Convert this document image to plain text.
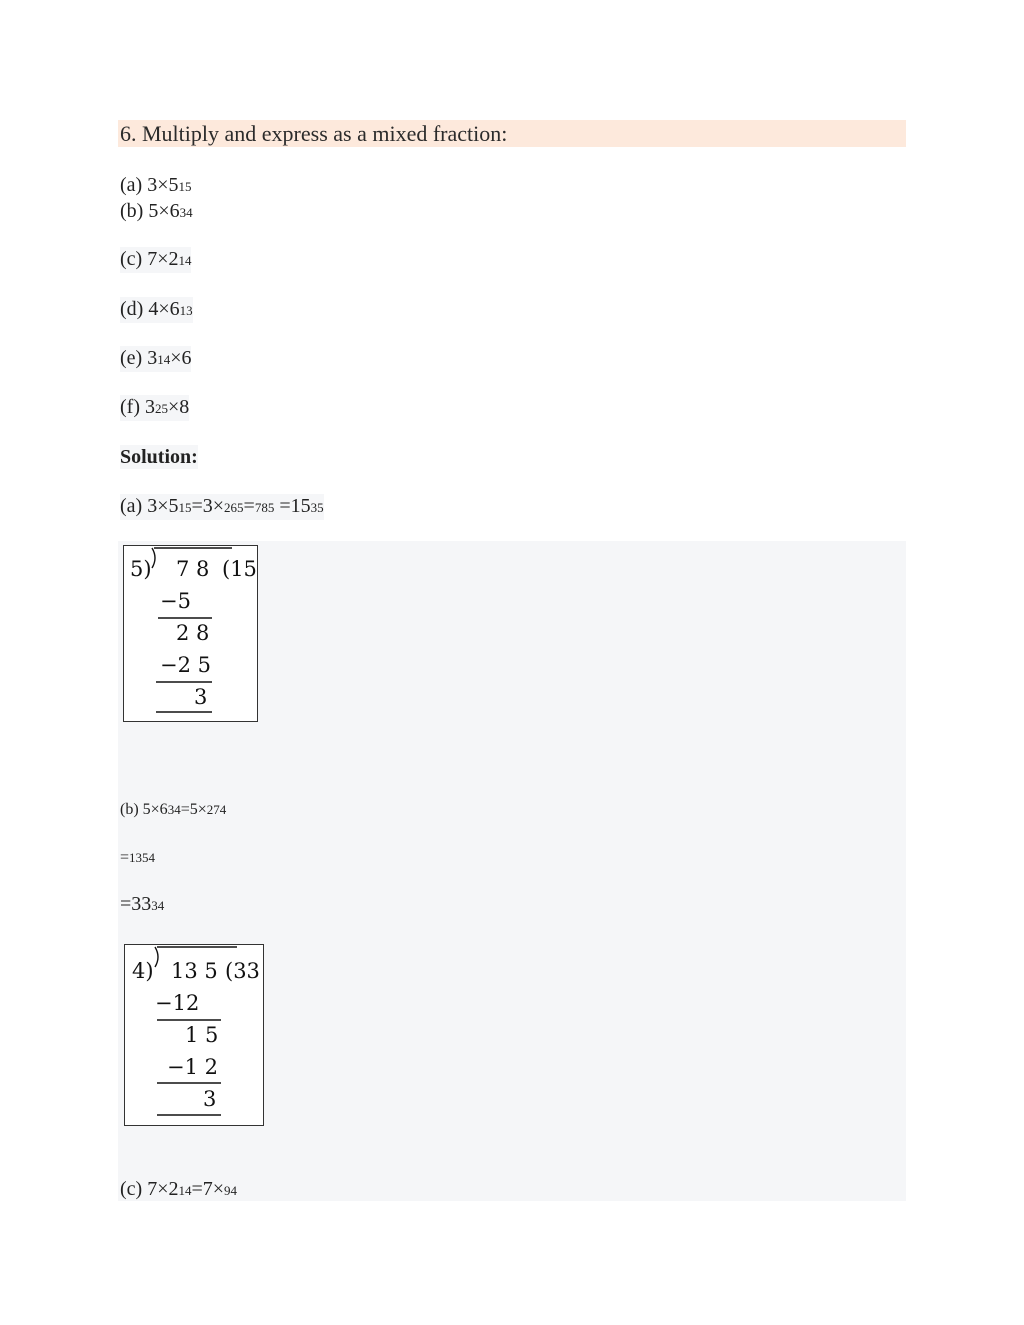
6. Multiply and express as a mixed fraction:
(a) 3×515
(b) 5×634
(c) 7×214
(d) 4×613
(e) 314×6
(f) 325×8
Solution:
(a) 3×515=3×265=785 =1535
5) 7 8 (15
−5
2 8
−2 5
3
(b) 5×634=5×274
=1354
=3334
4) 13 5 (33
−12
1 5
−1 2
3
(c) 7×214=7×94
